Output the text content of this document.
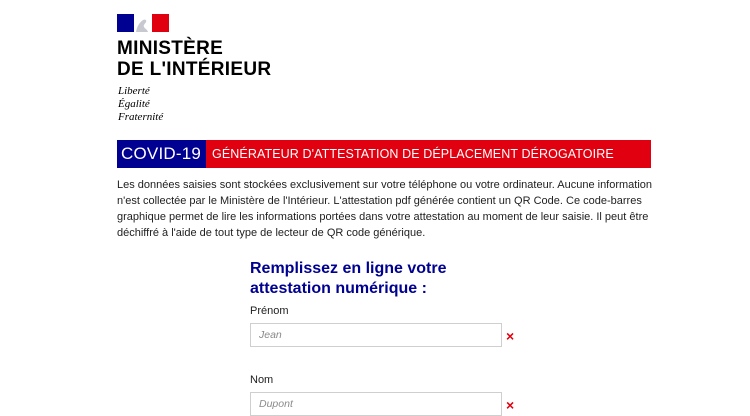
MINISTÈRE
DE L'INTÉRIEUR
Liberté
Égalité
Fraternité
COVID-19 GÉNÉRATEUR D'ATTESTATION DE DÉPLACEMENT DÉROGATOIRE
Les données saisies sont stockées exclusivement sur votre téléphone ou votre ordinateur. Aucune information n'est collectée par le Ministère de l'Intérieur. L'attestation pdf générée contient un QR Code. Ce code-barres graphique permet de lire les informations portées dans votre attestation au moment de leur saisie. Il peut être déchiffré à l'aide de tout type de lecteur de QR code générique.
Remplissez en ligne votre
attestation numérique :
Prénom
Jean
×
Nom
Dupont
×
